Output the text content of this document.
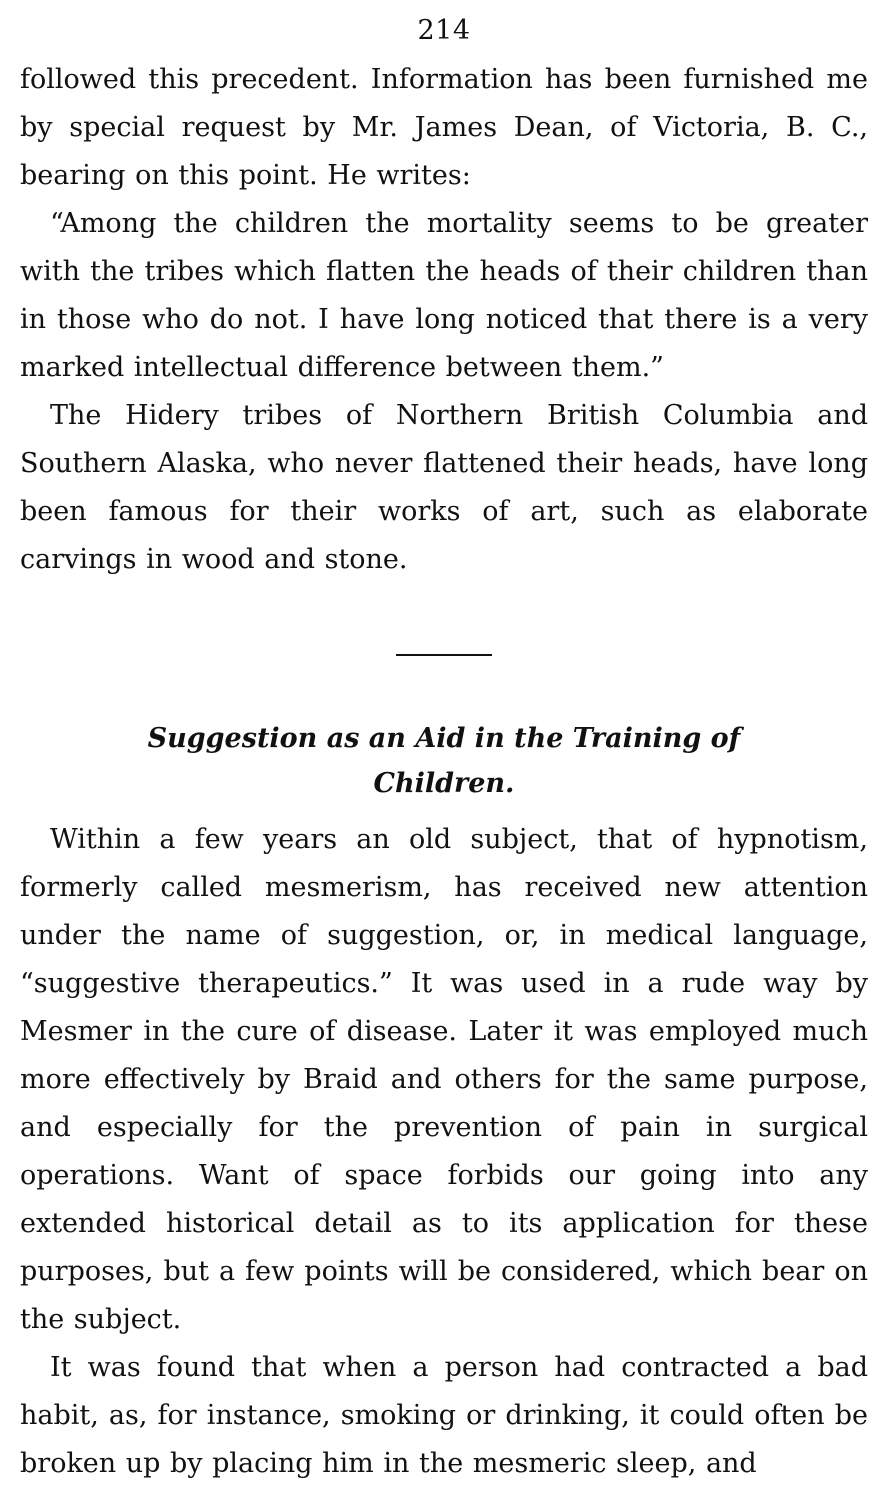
214

followed this precedent. Information has been furnished me by special request by Mr. James Dean, of Victoria, B. C., bearing on this point. He writes:

“Among the children the mortality seems to be greater with the tribes which flatten the heads of their children than in those who do not. I have long noticed that there is a very marked intellectual difference between them.”

The Hidery tribes of Northern British Columbia and Southern Alaska, who never flattened their heads, have long been famous for their works of art, such as elaborate carvings in wood and stone.

Suggestion as an Aid in the Training of Children.

Within a few years an old subject, that of hypnotism, formerly called mesmerism, has received new attention under the name of suggestion, or, in medical language, “suggestive therapeutics.” It was used in a rude way by Mesmer in the cure of disease. Later it was employed much more effectively by Braid and others for the same purpose, and especially for the prevention of pain in surgical operations. Want of space forbids our going into any extended historical detail as to its application for these purposes, but a few points will be considered, which bear on the subject.

It was found that when a person had contracted a bad habit, as, for instance, smoking or drinking, it could often be broken up by placing him in the mesmeric sleep, and
